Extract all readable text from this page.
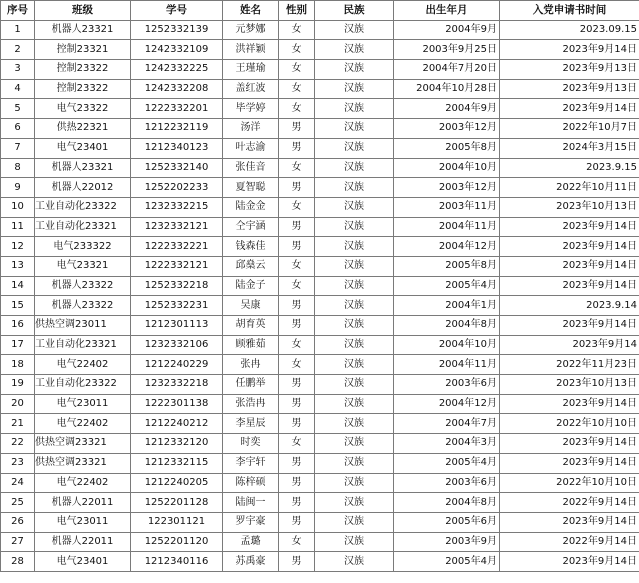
序号	班级	学号	姓名	性别	民族	出生年月	入党申请书时间
1	机器人23321	1252332139	元梦娜	女	汉族	2004年9月	2023.09.15
2	控制23321	1242332109	洪祥颖	女	汉族	2003年9月25日	2023年9月14日
3	控制23322	1242332225	王瑾瑜	女	汉族	2004年7月20日	2023年9月13日
4	控制23322	1242332208	盖红波	女	汉族	2004年10月28日	2023年9月13日
5	电气23322	1222332201	毕学婷	女	汉族	2004年9月	2023年9月14日
6	供热22321	1212232119	汤洋	男	汉族	2003年12月	2022年10月7日
7	电气23401	1212340123	叶志渝	男	汉族	2005年8月	2024年3月15日
8	机器人23321	1252332140	张佳音	女	汉族	2004年10月	2023.9.15
9	机器人22012	1252202233	夏智聪	男	汉族	2003年12月	2022年10月11日
10	工业自动化23322	1232332215	陆金金	女	汉族	2003年11月	2023年10月13日
11	工业自动化23321	1232332121	仝宇涵	男	汉族	2004年11月	2023年9月14日
12	电气233322	1222332221	钱森佳	男	汉族	2004年12月	2023年9月14日
13	电气23321	1222332121	邱燊云	女	汉族	2005年8月	2023年9月14日
14	机器人23322	1252332218	陆金子	女	汉族	2005年4月	2023年9月14日
15	机器人23322	1252332231	吴康	男	汉族	2004年1月	2023.9.14
16	供热空调23011	1212301113	胡育英	男	汉族	2004年8月	2023年9月14日
17	工业自动化23321	1232332106	顾雅茹	女	汉族	2004年10月	2023年9月14
18	电气22402	1212240229	张冉	女	汉族	2004年11月	2022年11月23日
19	工业自动化23322	1232332218	任鹏举	男	汉族	2003年6月	2023年10月13日
20	电气23011	1222301138	张浩冉	男	汉族	2004年12月	2023年9月14日
21	电气22402	1212240212	李星辰	男	汉族	2004年7月	2022年10月10日
22	供热空调23321	1212332120	时奕	女	汉族	2004年3月	2023年9月14日
23	供热空调23321	1212332115	李宇轩	男	汉族	2005年4月	2023年9月14日
24	电气22402	1212240205	陈梓硕	男	汉族	2003年6月	2022年10月10日
25	机器人22011	1252201128	陆闽一	男	汉族	2004年8月	2022年9月14日
26	电气23011	122301121	罗宇豪	男	汉族	2005年6月	2023年9月14日
27	机器人22011	1252201120	孟璐	女	汉族	2003年9月	2022年9月14日
28	电气23401	1212340116	苏禹豪	男	汉族	2005年4月	2023年9月14日
